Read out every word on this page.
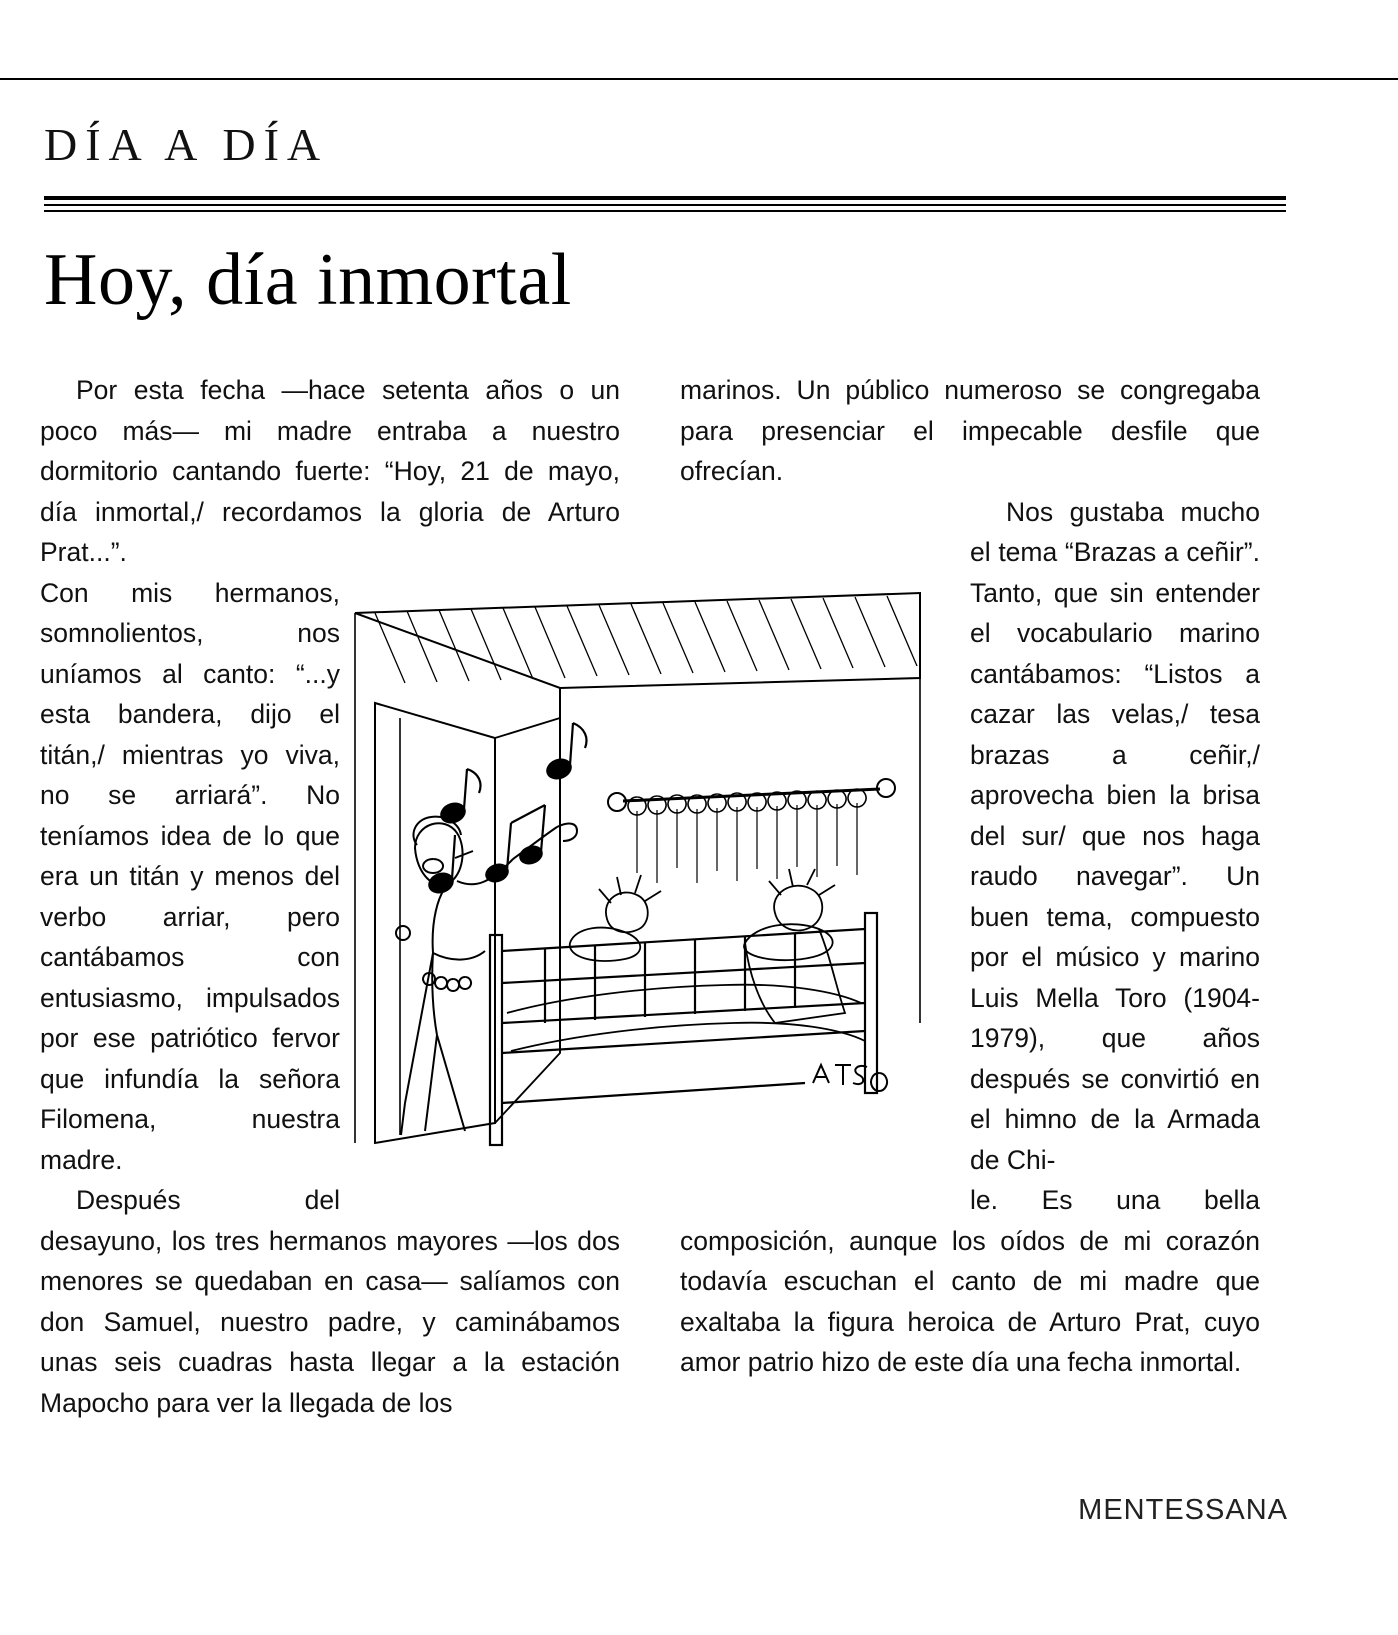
DÍA A DÍA
Hoy, día inmortal

Por esta fecha —hace setenta años o un poco más— mi madre entraba a nuestro dormitorio cantando fuerte: “Hoy, 21 de mayo, día inmortal,/ recordamos la gloria de Arturo Prat...”.

Con mis hermanos, somnolientos, nos uníamos al canto: “...y esta bandera, dijo el titán,/ mientras yo viva, no se arriará”. No teníamos idea de lo que era un titán y menos del verbo arriar, pero cantábamos con entusiasmo, impulsados por ese patriótico fervor que infundía la señora Filomena, nuestra madre.

Después del desayuno, los tres hermanos mayores —los dos menores se quedaban en casa— salíamos con don Samuel, nuestro padre, y caminábamos unas seis cuadras hasta llegar a la estación Mapocho para ver la llegada de los

marinos. Un público numeroso se congregaba para presenciar el impecable desfile que ofrecían.

Nos gustaba mucho el tema “Brazas a ceñir”. Tanto, que sin entender el vocabulario marino cantábamos: “Listos a cazar las velas,/ tesa brazas a ceñir,/ aprovecha bien la brisa del sur/ que nos haga raudo navegar”. Un buen tema, compuesto por el músico y marino Luis Mella Toro (1904-1979), que años después se convirtió en el himno de la Armada de Chi-

le. Es una bella composición, aunque los oídos de mi corazón todavía escuchan el canto de mi madre que exaltaba la figura heroica de Arturo Prat, cuyo amor patrio hizo de este día una fecha inmortal.

MENTESSANA
